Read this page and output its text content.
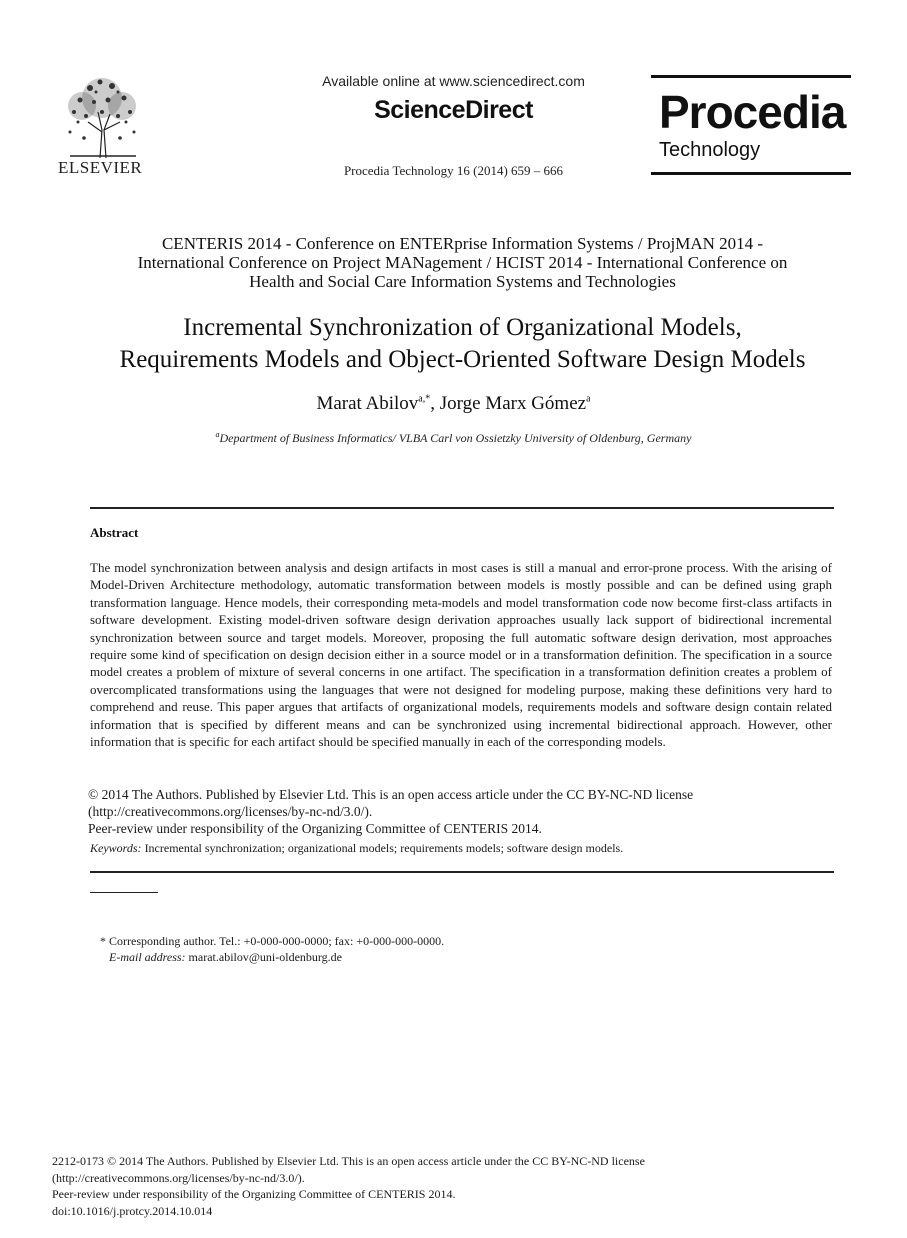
ELSEVIER
Available online at www.sciencedirect.com
ScienceDirect
Procedia Technology 16 (2014) 659 – 666
Procedia
Technology
CENTERIS 2014 - Conference on ENTERprise Information Systems / ProjMAN 2014 -
International Conference on Project MANagement / HCIST 2014 - International Conference on
Health and Social Care Information Systems and Technologies
Incremental Synchronization of Organizational Models,
Requirements Models and Object-Oriented Software Design Models
Marat Abilov$^{a,*}$, Jorge Marx Gómez$^a$
$^a$Department of Business Informatics/ VLBA Carl von Ossietzky University of Oldenburg, Germany
Abstract
The model synchronization between analysis and design artifacts in most cases is still a manual and error-prone process. With the arising of Model-Driven Architecture methodology, automatic transformation between models is mostly possible and can be defined using graph transformation language. Hence models, their corresponding meta-models and model transformation code now become first-class artifacts in software development. Existing model-driven software design derivation approaches usually lack support of bidirectional incremental synchronization between source and target models. Moreover, proposing the full automatic software design derivation, most approaches require some kind of specification on design decision either in a source model or in a transformation definition. The specification in a source model creates a problem of mixture of several concerns in one artifact. The specification in a transformation definition creates a problem of overcomplicated transformations using the languages that were not designed for modeling purpose, making these definitions very hard to comprehend and reuse. This paper argues that artifacts of organizational models, requirements models and software design contain related information that is specified by different means and can be synchronized using incremental bidirectional approach. However, other information that is specific for each artifact should be specified manually in each of the corresponding models.
© 2014 The Authors. Published by Elsevier Ltd. This is an open access article under the CC BY-NC-ND license
(http://creativecommons.org/licenses/by-nc-nd/3.0/).
Peer-review under responsibility of the Organizing Committee of CENTERIS 2014.
Keywords: Incremental synchronization; organizational models; requirements models; software design models.
* Corresponding author. Tel.: +0-000-000-0000; fax: +0-000-000-0000.
E-mail address: marat.abilov@uni-oldenburg.de
2212-0173 © 2014 The Authors. Published by Elsevier Ltd. This is an open access article under the CC BY-NC-ND license
(http://creativecommons.org/licenses/by-nc-nd/3.0/).
Peer-review under responsibility of the Organizing Committee of CENTERIS 2014.
doi:10.1016/j.protcy.2014.10.014
